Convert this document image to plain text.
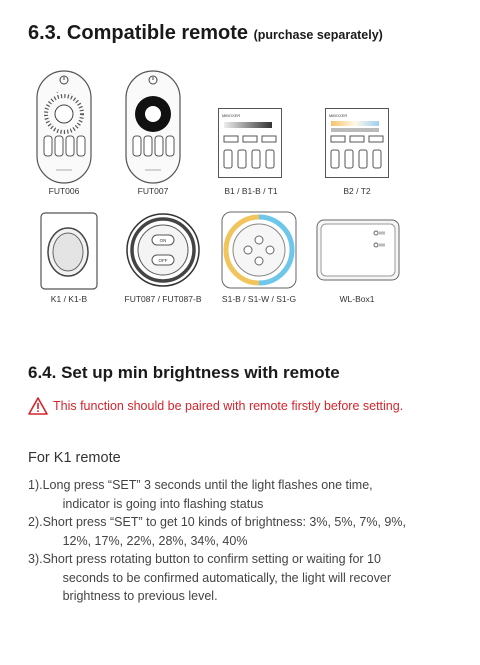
6.3. Compatible remote (purchase separately)
+	-
FUT006	FUT007
MiBOXER
B1 / B1-B / T1
MiBOXER
B2 / T2
K1 / K1-B
ON
OFF
FUT087 / FUT087-B S1-B / S1-W / S1-G	WL-Box1
6.4. Set up min brightness with remote
This function should be paired with remote firstly before setting.
For K1 remote
1). Long press “SET” 3 seconds until the light flashes one time,
indicator is going into flashing status
2). Short press “SET” to get 10 kinds of brightness: 3%, 5%, 7%, 9%,
12%, 17%, 22%, 28%, 34%, 40%
3). Short press rotating button to confirm setting or waiting for 10
seconds to be confirmed automatically, the light will recover
brightness to previous level.
